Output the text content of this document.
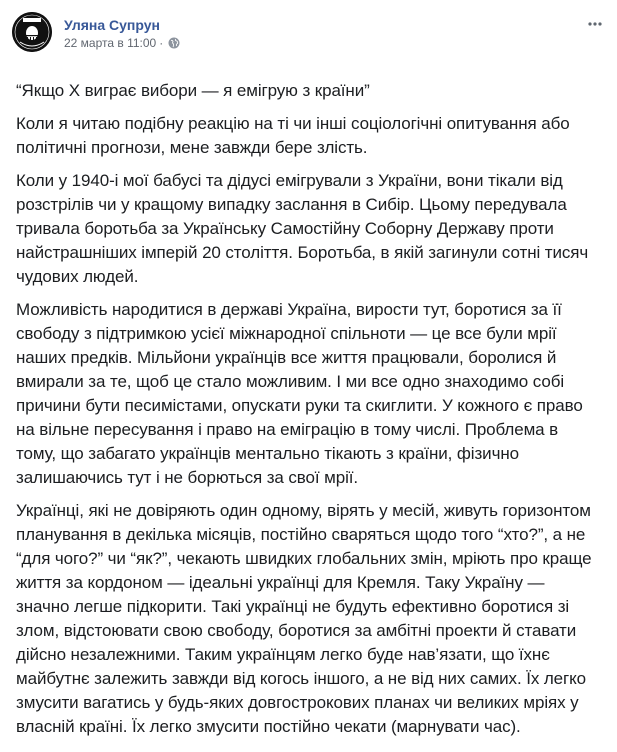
Уляна Супрун
22 марта в 11:00 ·

“Якщо Х виграє вибори — я емігрую з країни”

Коли я читаю подібну реакцію на ті чи інші соціологічні опитування або політичні прогнози, мене завжди бере злість.

Коли у 1940-і мої бабусі та дідусі емігрували з України, вони тікали від розстрілів чи у кращому випадку заслання в Сибір. Цьому передувала тривала боротьба за Українську Самостійну Соборну Державу проти найстрашніших імперій 20 століття. Боротьба, в якій загинули сотні тисяч чудових людей.

Можливість народитися в державі Україна, вирости тут, боротися за її свободу з підтримкою усієї міжнародної спільноти — це все були мрії наших предків. Мільйони українців все життя працювали, боролися й вмирали за те, щоб це стало можливим. І ми все одно знаходимо собі причини бути песимістами, опускати руки та скиглити. У кожного є право на вільне пересування і право на еміграцію в тому числі. Проблема в тому, що забагато українців ментально тікають з країни, фізично залишаючись тут і не борються за свої мрії.

Українці, які не довіряють один одному, вірять у месій, живуть горизонтом планування в декілька місяців, постійно сваряться щодо того “хто?”, а не “для чого?” чи “як?”, чекають швидких глобальних змін, мріють про краще життя за кордоном — ідеальні українці для Кремля. Таку Україну — значно легше підкорити. Такі українці не будуть ефективно боротися зі злом, відстоювати свою свободу, боротися за амбітні проекти й ставати дійсно незалежними. Таким українцям легко буде нав’язати, що їхнє майбутнє залежить завжди від когось іншого, а не від них самих. Їх легко змусити вагатись у будь-яких довгострокових планах чи великих мріях у власній країні. Їх легко змусити постійно чекати (марнувати час).
